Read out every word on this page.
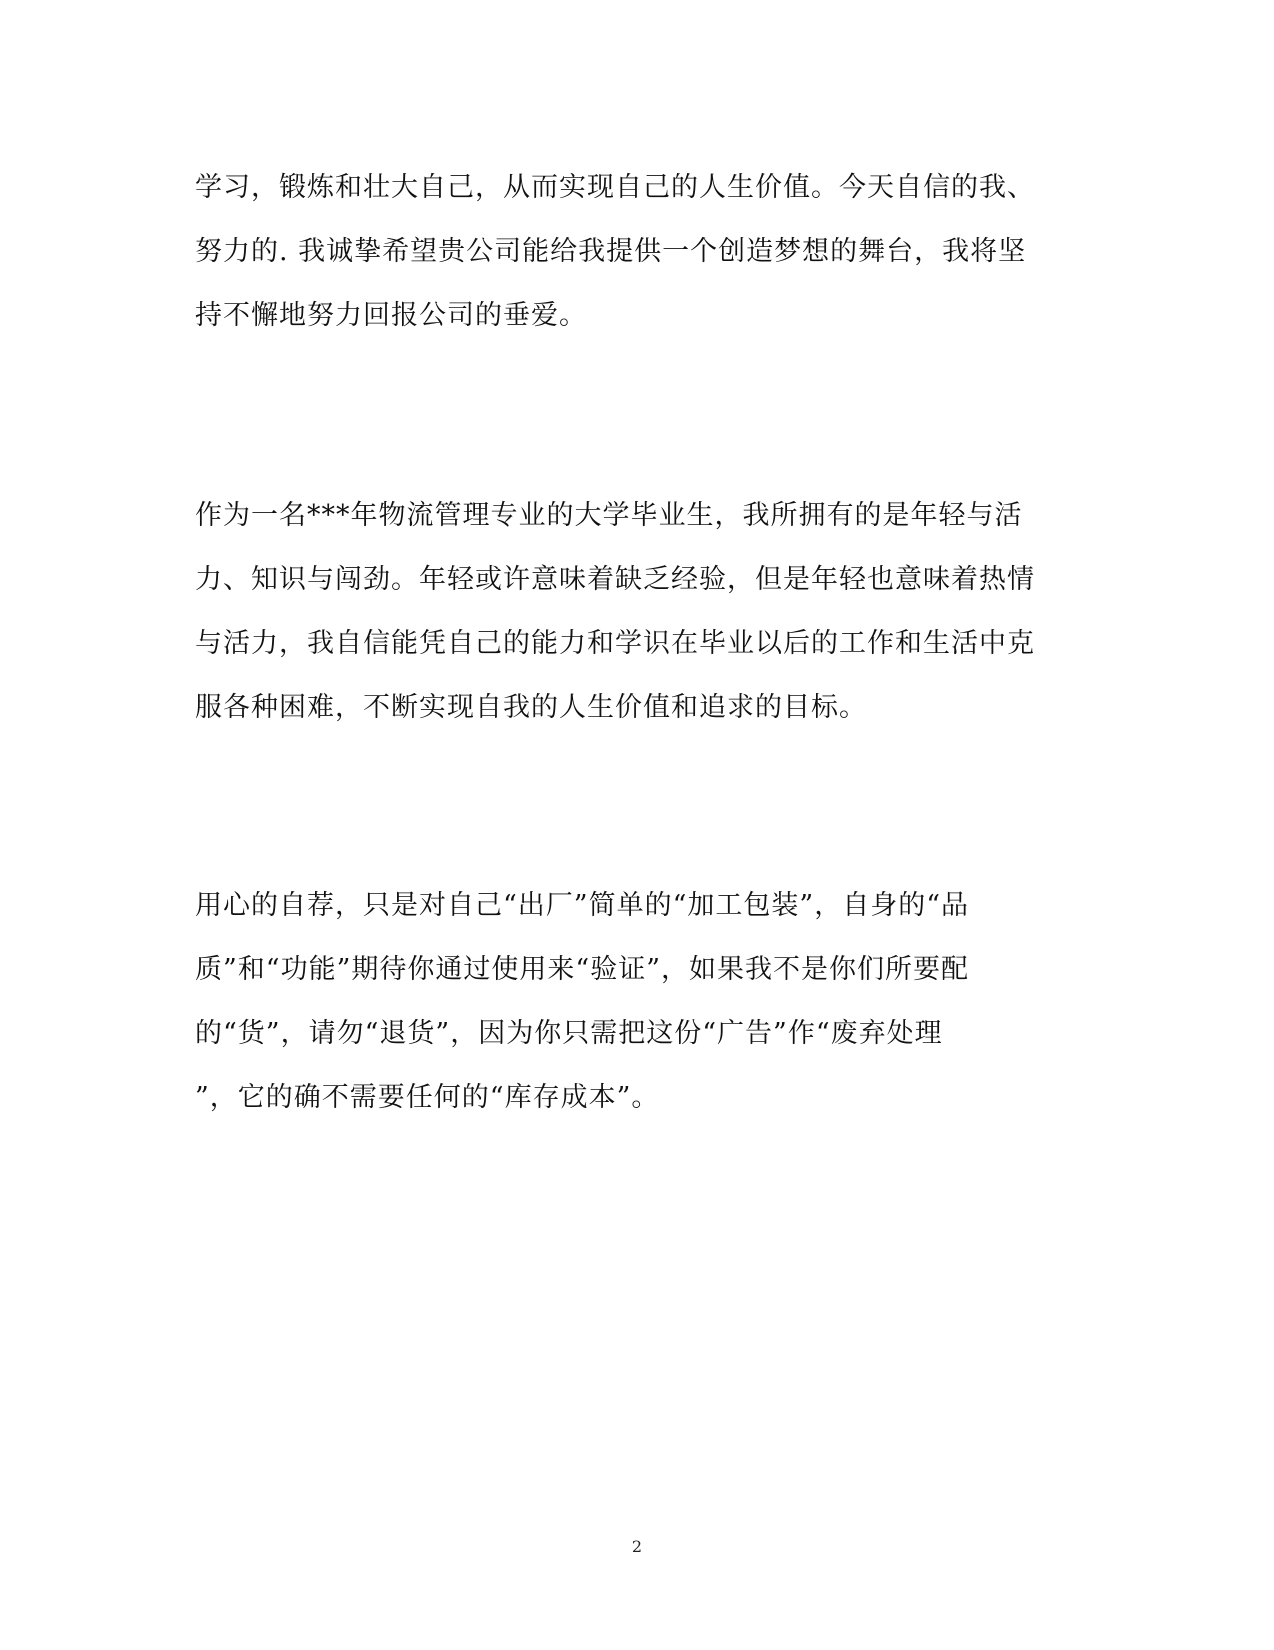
学习，锻炼和壮大自己，从而实现自己的人生价值。今天自信的我、
努力的. 我诚挚希望贵公司能给我提供一个创造梦想的舞台，我将坚
持不懈地努力回报公司的垂爱。

作为一名***年物流管理专业的大学毕业生，我所拥有的是年轻与活
力、知识与闯劲。年轻或许意味着缺乏经验，但是年轻也意味着热情
与活力，我自信能凭自己的能力和学识在毕业以后的工作和生活中克
服各种困难，不断实现自我的人生价值和追求的目标。

用心的自荐，只是对自己“出厂”简单的“加工包装”，自身的“品
质”和“功能”期待你通过使用来“验证”，如果我不是你们所要配
的“货”，请勿“退货”，因为你只需把这份“广告”作“废弃处理
”，它的确不需要任何的“库存成本”。

2
